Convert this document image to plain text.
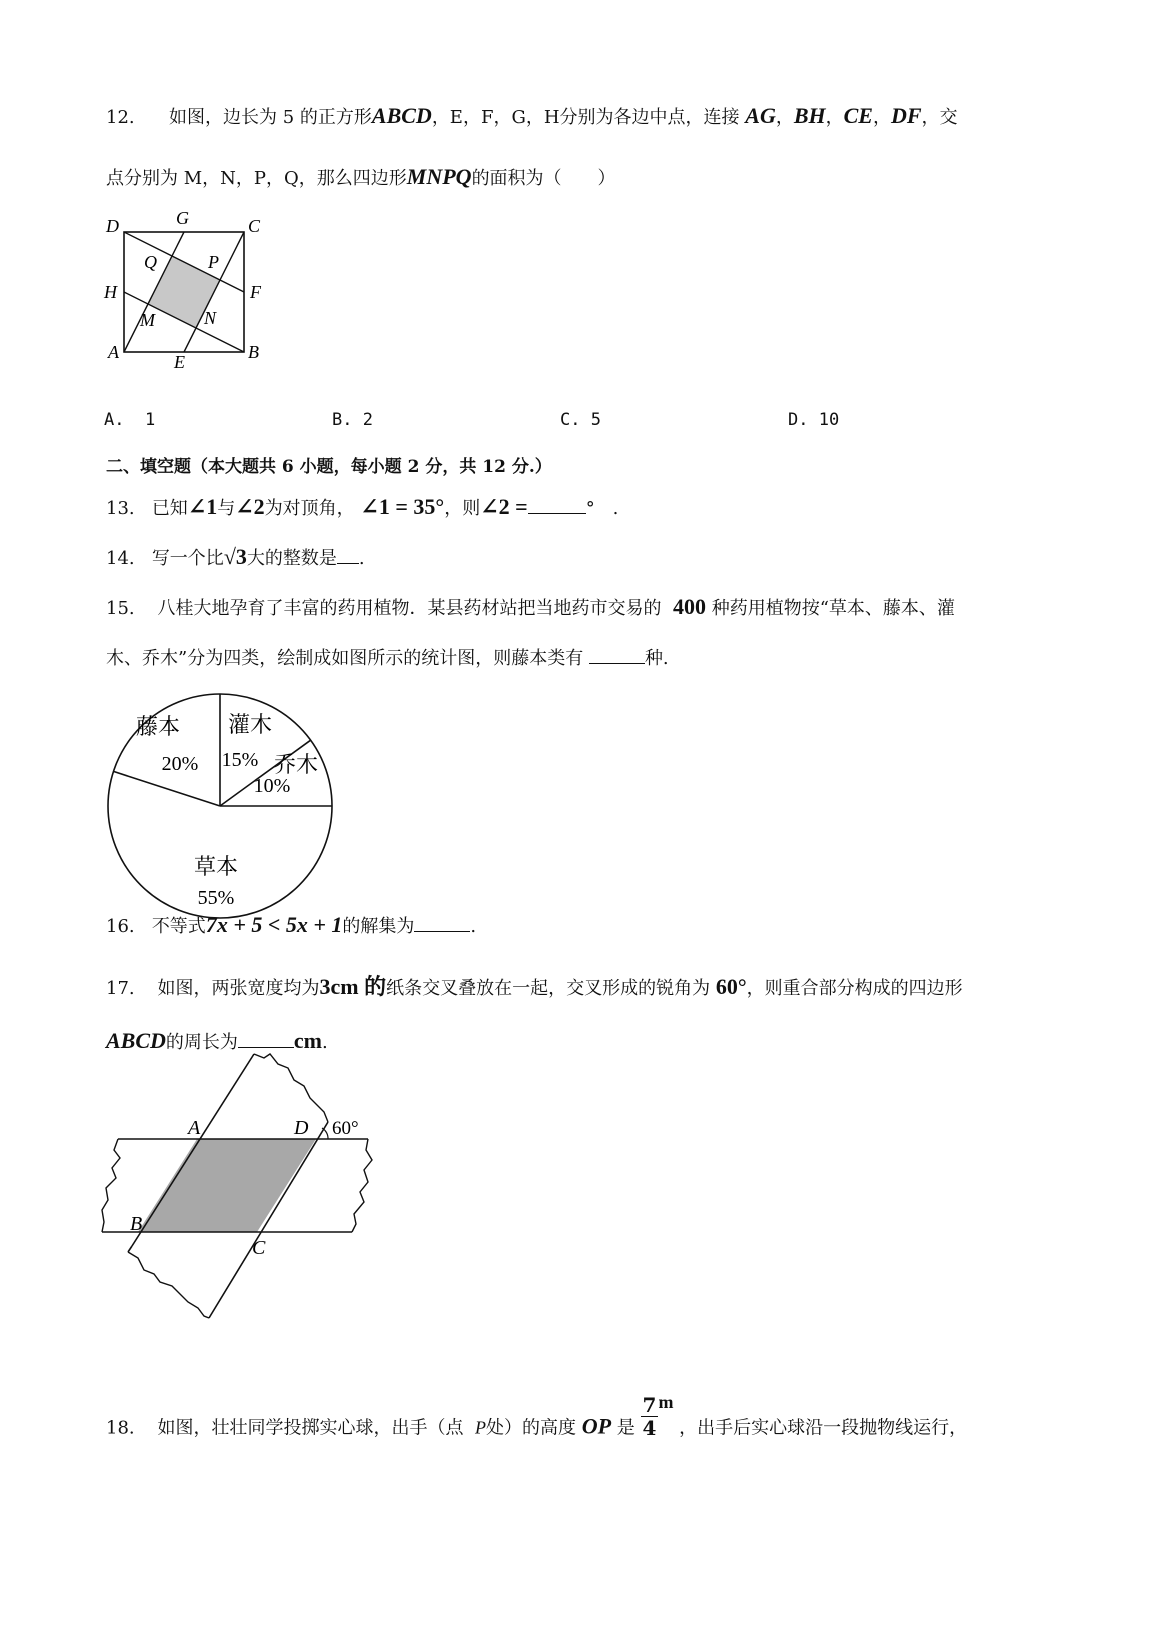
12. 如图，边长为 5 的正方形ABCD，E，F，G，H分别为各边中点，连接 AG，BH，CE，DF，交
点分别为 M，N，P，Q，那么四边形MNPQ的面积为（　　）
D	G	C
Q	P
H	F
M	N
A	E	B
A. 1	B. 2	C. 5	D. 10
二、填空题（本大题共 6 小题，每小题 2 分，共 12 分.）
13. 已知∠1与∠2为对顶角， ∠1 = 35°，则∠2 =	°　.
14. 写一个比√3大的整数是 .
15. 八桂大地孕育了丰富的药用植物．某县药材站把当地药市交易的 400 种药用植物按“草本、藤本、灌
木、乔木”分为四类，绘制成如图所示的统计图，则藤本类有	种.
藤本
20%
灌木
15% 乔木
10%
草本
55%
16. 不等式7x + 5 < 5x + 1的解集为	.
17. 如图，两张宽度均为3cm 的纸条交叉叠放在一起，交叉形成的锐角为 60°，则重合部分构成的四边形
ABCD的周长为	cm.
A	D 60°
B
C
18. 如图，壮壮同学投掷实心球，出手（点 P处）的高度 OP 是 $\frac{7}{4}$ m ，出手后实心球沿一段抛物线运行，
